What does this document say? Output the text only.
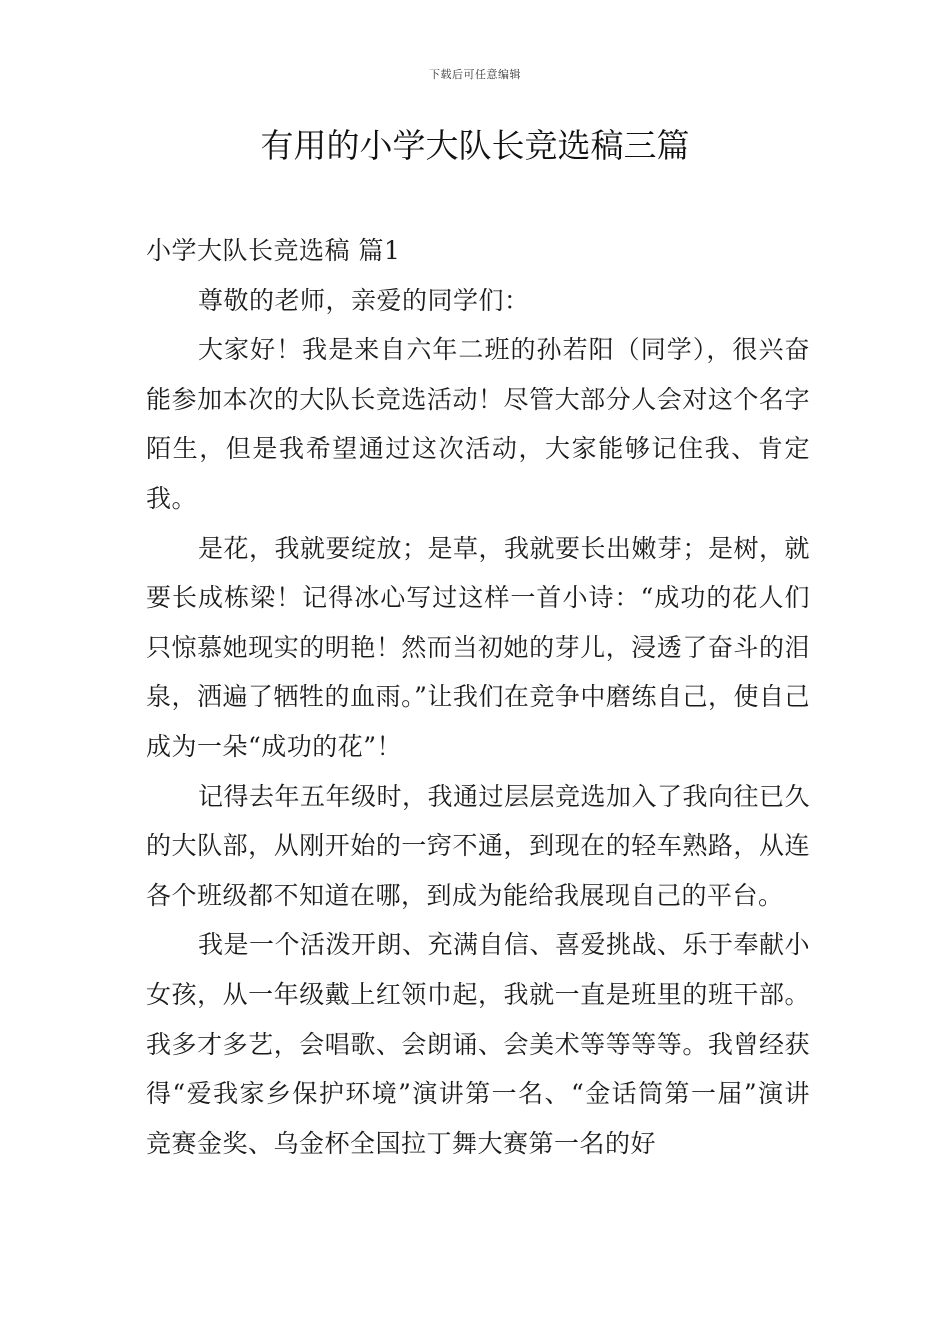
下载后可任意编辑
有用的小学大队长竞选稿三篇

小学大队长竞选稿 篇1

尊敬的老师，亲爱的同学们：

大家好！我是来自六年二班的孙若阳（同学），很兴奋能参加本次的大队长竞选活动！尽管大部分人会对这个名字陌生，但是我希望通过这次活动，大家能够记住我、肯定我。

是花，我就要绽放；是草，我就要长出嫩芽；是树，就要长成栋梁！记得冰心写过这样一首小诗：“成功的花人们只惊慕她现实的明艳！然而当初她的芽儿，浸透了奋斗的泪泉，洒遍了牺牲的血雨。”让我们在竞争中磨练自己，使自己成为一朵“成功的花”！

记得去年五年级时，我通过层层竞选加入了我向往已久的大队部，从刚开始的一窍不通，到现在的轻车熟路，从连各个班级都不知道在哪，到成为能给我展现自己的平台。

我是一个活泼开朗、充满自信、喜爱挑战、乐于奉献小女孩，从一年级戴上红领巾起，我就一直是班里的班干部。我多才多艺，会唱歌、会朗诵、会美术等等等等。我曾经获得“爱我家乡保护环境”演讲第一名、“金话筒第一届”演讲竞赛金奖、乌金杯全国拉丁舞大赛第一名的好
